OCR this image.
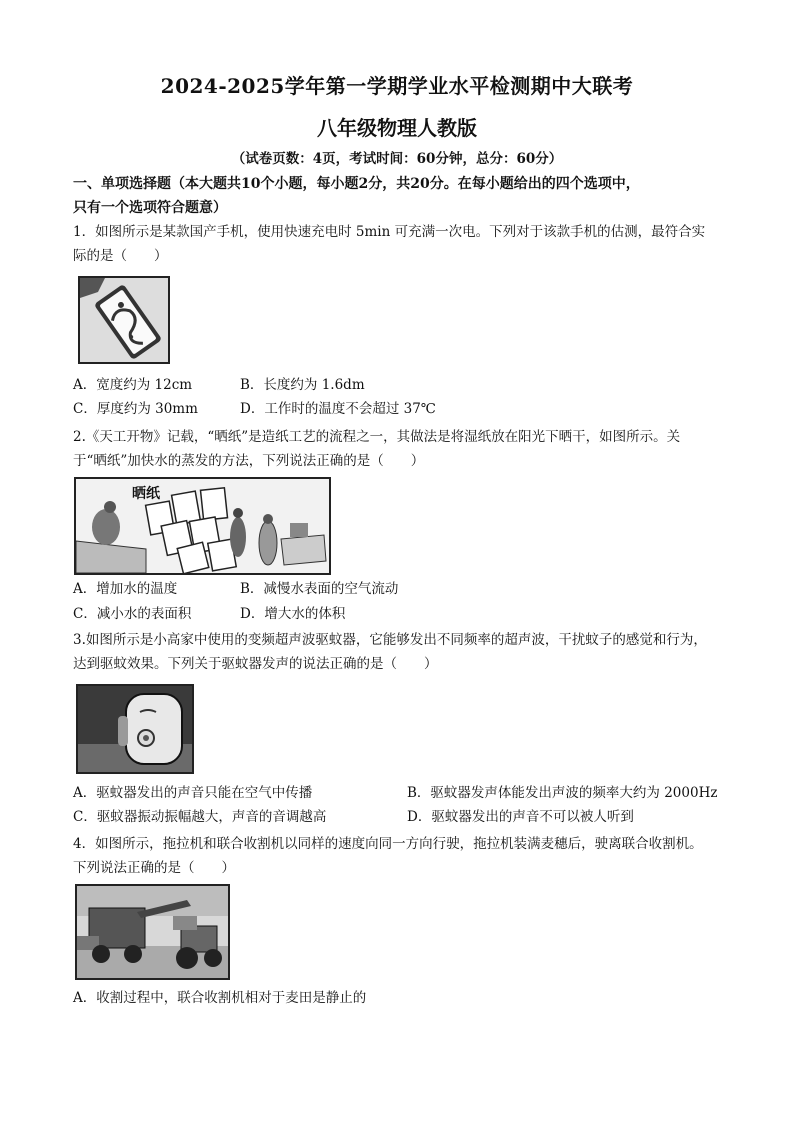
2024-2025学年第一学期学业水平检测期中大联考
八年级物理人教版
（试卷页数：4页，考试时间：60分钟，总分：60分）
一、单项选择题（本大题共10个小题，每小题2分，共20分。在每小题给出的四个选项中，
只有一个选项符合题意）
1．如图所示是某款国产手机，使用快速充电时 5min 可充满一次电。下列对于该款手机的估测，最符合实
际的是（　　）
A．宽度约为 12cm	B．长度约为 1.6dm
C．厚度约为 30mm	D．工作时的温度不会超过 37℃
2.《天工开物》记载，“晒纸”是造纸工艺的流程之一，其做法是将湿纸放在阳光下晒干，如图所示。关
于“晒纸”加快水的蒸发的方法，下列说法正确的是（　　）
晒纸
A．增加水的温度	B．减慢水表面的空气流动
C．减小水的表面积	D．增大水的体积
3.如图所示是小高家中使用的变频超声波驱蚊器，它能够发出不同频率的超声波，干扰蚊子的感觉和行为，
达到驱蚊效果。下列关于驱蚊器发声的说法正确的是（　　）
A．驱蚊器发出的声音只能在空气中传播	B．驱蚊器发声体能发出声波的频率大约为 2000Hz
C．驱蚊器振动振幅越大，声音的音调越高	D．驱蚊器发出的声音不可以被人听到
4．如图所示，拖拉机和联合收割机以同样的速度向同一方向行驶，拖拉机装满麦穗后，驶离联合收割机。
下列说法正确的是（　　）
A．收割过程中，联合收割机相对于麦田是静止的
